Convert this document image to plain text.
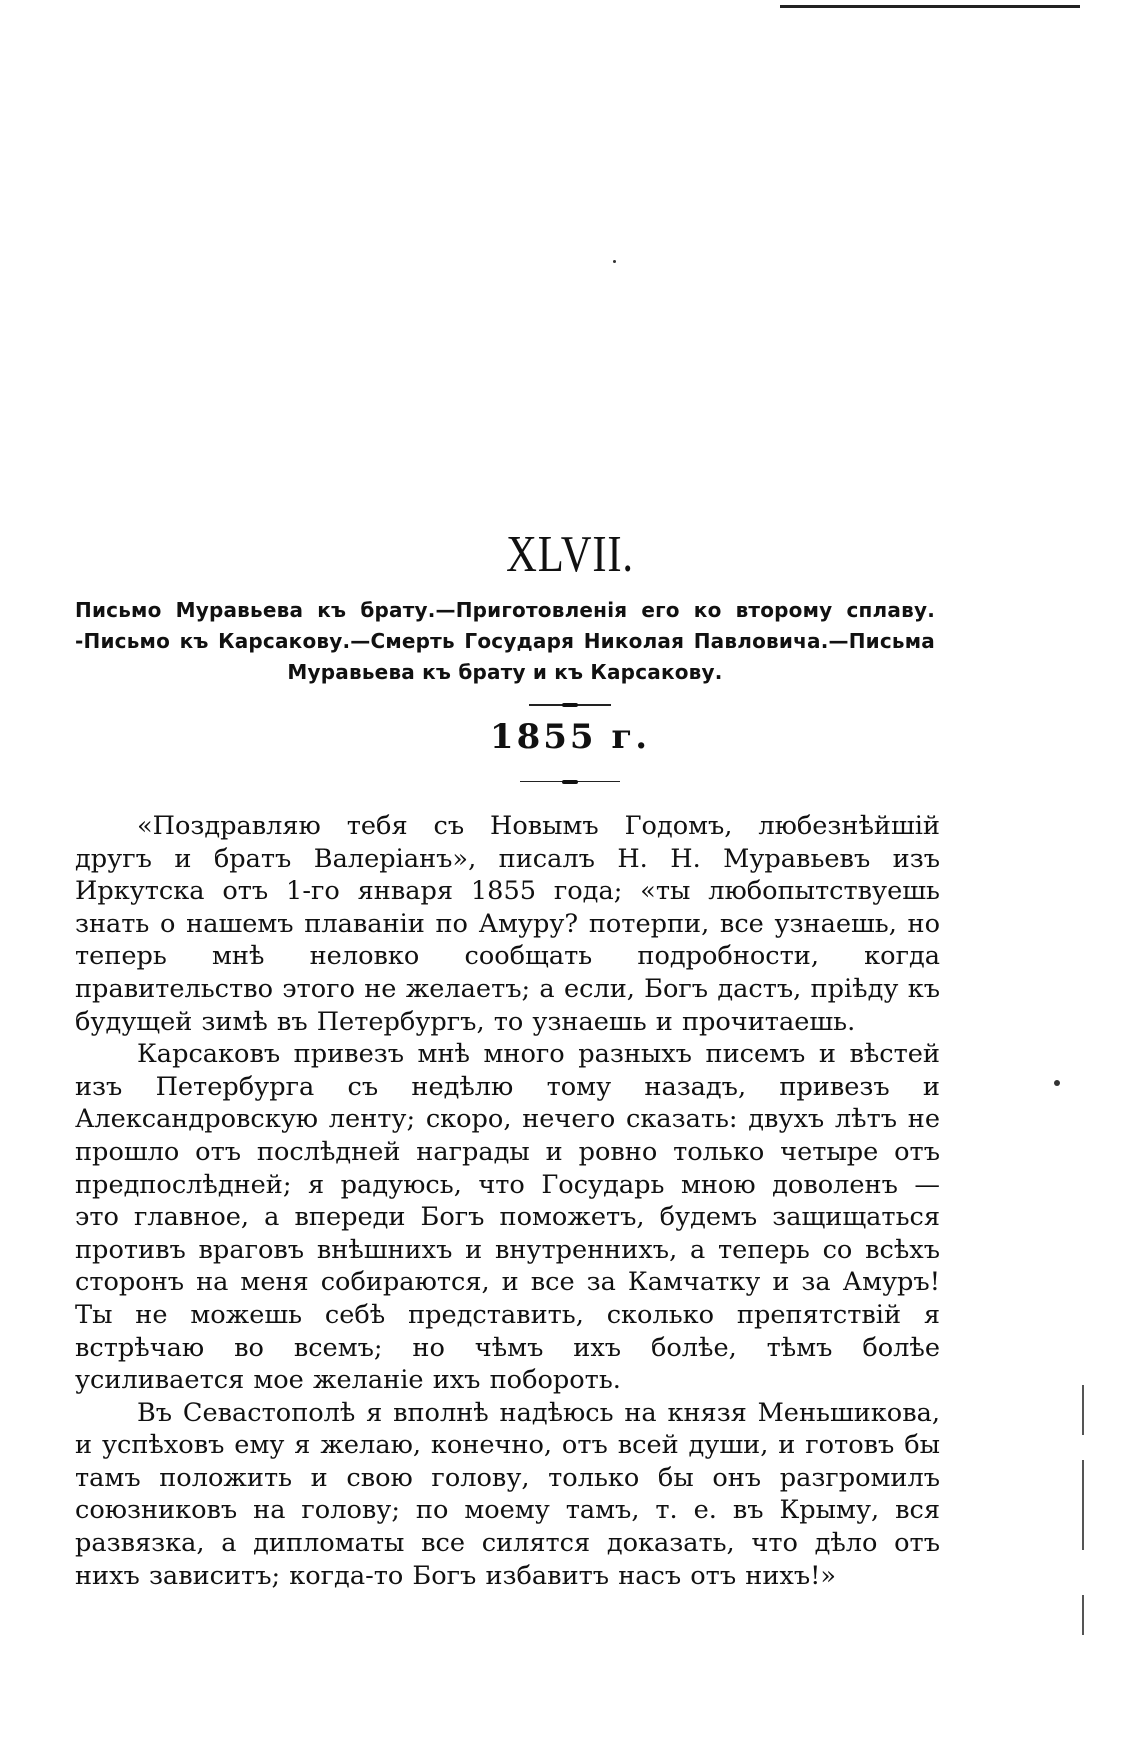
XLVII.
Письмо Муравьева къ брату.—Приготовленія его ко второму сплаву. -Письмо къ Карсакову.—Смерть Государя Николая Павловича.—Письма Муравьева къ брату и къ Карсакову.
1855 г.

«Поздравляю тебя съ Новымъ Годомъ, любезнѣйшій другъ и братъ Валеріанъ», писалъ Н. Н. Муравьевъ изъ Иркутска отъ 1-го января 1855 года; «ты любопытствуешь знать о нашемъ плаваніи по Амуру? потерпи, все узнаешь, но теперь мнѣ неловко сообщать подробности, когда правительство этого не желаетъ; а если, Богъ дастъ, пріѣду къ будущей зимѣ въ Петербургъ, то узнаешь и прочитаешь.

Карсаковъ привезъ мнѣ много разныхъ писемъ и вѣстей изъ Петербурга съ недѣлю тому назадъ, привезъ и Александровскую ленту; скоро, нечего сказать: двухъ лѣтъ не прошло отъ послѣдней награды и ровно только четыре отъ предпослѣдней; я радуюсь, что Государь мною доволенъ — это главное, а впереди Богъ поможетъ, будемъ защищаться противъ враговъ внѣшнихъ и внутреннихъ, а теперь со всѣхъ сторонъ на меня собираются, и все за Камчатку и за Амуръ! Ты не можешь себѣ представить, сколько препятствій я встрѣчаю во всемъ; но чѣмъ ихъ болѣе, тѣмъ болѣе усиливается мое желаніе ихъ побороть.

Въ Севастополѣ я вполнѣ надѣюсь на князя Меньшикова, и успѣховъ ему я желаю, конечно, отъ всей души, и готовъ бы тамъ положить и свою голову, только бы онъ разгромилъ союзниковъ на голову; по моему тамъ, т. е. въ Крыму, вся развязка, а дипломаты все силятся доказать, что дѣло отъ нихъ зависитъ; когда-то Богъ избавитъ насъ отъ нихъ!»
